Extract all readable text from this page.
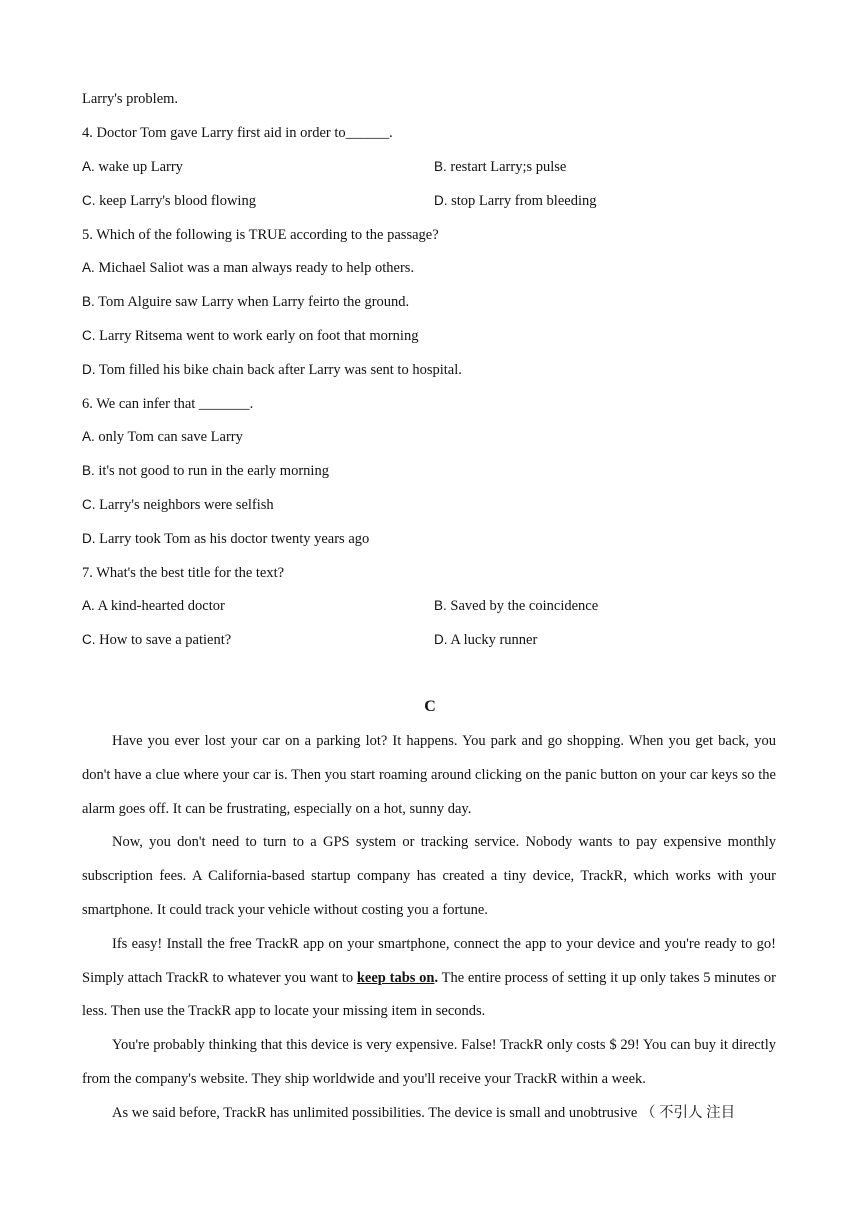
Larry's problem.
4. Doctor Tom gave Larry first aid in order to______.
A. wake up Larry	B. restart Larry;s pulse
C. keep Larry's blood flowing	D. stop Larry from bleeding
5. Which of the following is TRUE according to the passage?
A. Michael Saliot was a man always ready to help others.
B. Tom Alguire saw Larry when Larry feirto the ground.
C. Larry Ritsema went to work early on foot that morning
D. Tom filled his bike chain back after Larry was sent to hospital.
6. We can infer that _______.
A. only Tom can save Larry
B. it's not good to run in the early morning
C. Larry's neighbors were selfish
D. Larry took Tom as his doctor twenty years ago
7. What's the best title for the text?
A. A kind-hearted doctor	B. Saved by the coincidence
C. How to save a patient?	D. A lucky runner
C

Have you ever lost your car on a parking lot? It happens. You park and go shopping. When you get back, you don't have a clue where your car is. Then you start roaming around clicking on the panic button on your car keys so the alarm goes off. It can be frustrating, especially on a hot, sunny day.

Now, you don't need to turn to a GPS system or tracking service. Nobody wants to pay expensive monthly subscription fees. A California-based startup company has created a tiny device, TrackR, which works with your smartphone. It could track your vehicle without costing you a fortune.

Ifs easy! Install the free TrackR app on your smartphone, connect the app to your device and you're ready to go! Simply attach TrackR to whatever you want to keep tabs on. The entire process of setting it up only takes 5 minutes or less. Then use the TrackR app to locate your missing item in seconds.

You're probably thinking that this device is very expensive. False! TrackR only costs $ 29! You can buy it directly from the company's website. They ship worldwide and you'll receive your TrackR within a week.

As we said before, TrackR has unlimited possibilities. The device is small and unobtrusive （ 不引人 注目
